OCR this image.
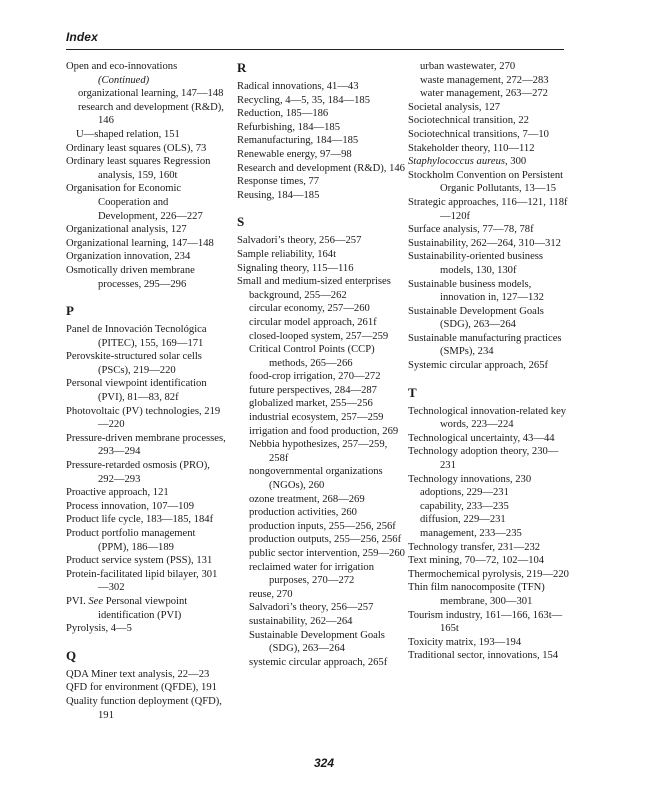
Index
Open and eco-innovations
(Continued)
organizational learning, 147—148
research and development (R&D), 146
U—shaped relation, 151
Ordinary least squares (OLS), 73
Ordinary least squares Regression analysis, 159, 160t
Organisation for Economic Cooperation and Development, 226—227
Organizational analysis, 127
Organizational learning, 147—148
Organization innovation, 234
Osmotically driven membrane processes, 295—296
P
Panel de Innovación Tecnológica (PITEC), 155, 169—171
Perovskite-structured solar cells (PSCs), 219—220
Personal viewpoint identification (PVI), 81—83, 82f
Photovoltaic (PV) technologies, 219—220
Pressure-driven membrane processes, 293—294
Pressure-retarded osmosis (PRO), 292—293
Proactive approach, 121
Process innovation, 107—109
Product life cycle, 183—185, 184f
Product portfolio management (PPM), 186—189
Product service system (PSS), 131
Protein-facilitated lipid bilayer, 301—302
PVI. See Personal viewpoint identification (PVI)
Pyrolysis, 4—5
Q
QDA Miner text analysis, 22—23
QFD for environment (QFDE), 191
Quality function deployment (QFD), 191
R
Radical innovations, 41—43
Recycling, 4—5, 35, 184—185
Reduction, 185—186
Refurbishing, 184—185
Remanufacturing, 184—185
Renewable energy, 97—98
Research and development (R&D), 146
Response times, 77
Reusing, 184—185
S
Salvadori’s theory, 256—257
Sample reliability, 164t
Signaling theory, 115—116
Small and medium-sized enterprises
background, 255—262
circular economy, 257—260
circular model approach, 261f
closed-looped system, 257—259
Critical Control Points (CCP) methods, 265—266
food-crop irrigation, 270—272
future perspectives, 284—287
globalized market, 255—256
industrial ecosystem, 257—259
irrigation and food production, 269
Nebbia hypothesizes, 257—259, 258f
nongovernmental organizations (NGOs), 260
ozone treatment, 268—269
production activities, 260
production inputs, 255—256, 256f
production outputs, 255—256, 256f
public sector intervention, 259—260
reclaimed water for irrigation purposes, 270—272
reuse, 270
Salvadori’s theory, 256—257
sustainability, 262—264
Sustainable Development Goals (SDG), 263—264
systemic circular approach, 265f
urban wastewater, 270
waste management, 272—283
water management, 263—272
Societal analysis, 127
Sociotechnical transition, 22
Sociotechnical transitions, 7—10
Stakeholder theory, 110—112
Staphylococcus aureus, 300
Stockholm Convention on Persistent Organic Pollutants, 13—15
Strategic approaches, 116—121, 118f—120f
Surface analysis, 77—78, 78f
Sustainability, 262—264, 310—312
Sustainability-oriented business models, 130, 130f
Sustainable business models, innovation in, 127—132
Sustainable Development Goals (SDG), 263—264
Sustainable manufacturing practices (SMPs), 234
Systemic circular approach, 265f
T
Technological innovation-related key words, 223—224
Technological uncertainty, 43—44
Technology adoption theory, 230—231
Technology innovations, 230
adoptions, 229—231
capability, 233—235
diffusion, 229—231
management, 233—235
Technology transfer, 231—232
Text mining, 70—72, 102—104
Thermochemical pyrolysis, 219—220
Thin film nanocomposite (TFN) membrane, 300—301
Tourism industry, 161—166, 163t—165t
Toxicity matrix, 193—194
Traditional sector, innovations, 154
324
